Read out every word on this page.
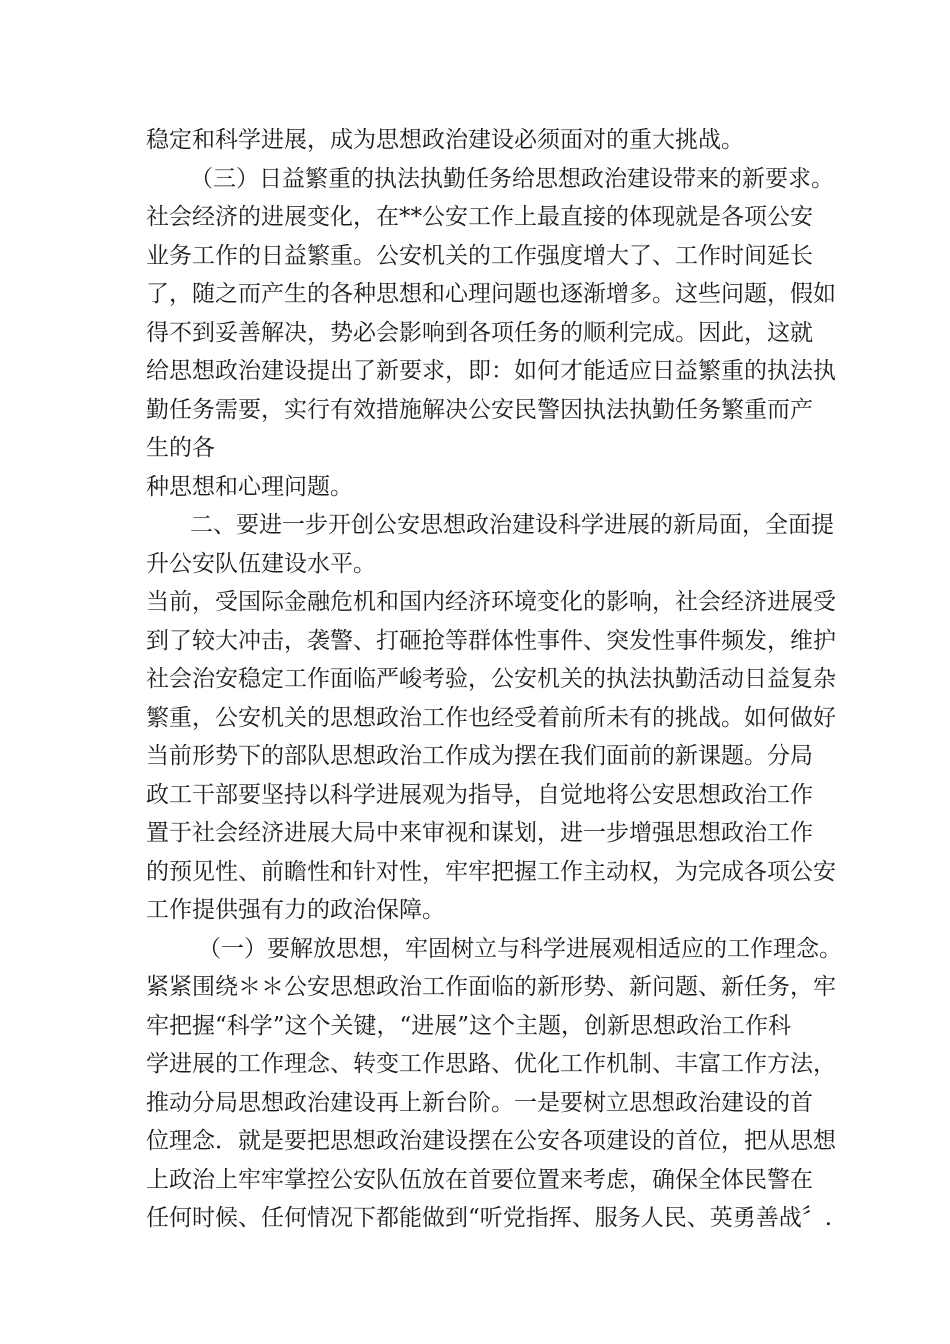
稳定和科学进展，成为思想政治建设必须面对的重大挑战。
（三）日益繁重的执法执勤任务给思想政治建设带来的新要求。
社会经济的进展变化，在**公安工作上最直接的体现就是各项公安
业务工作的日益繁重。公安机关的工作强度增大了、工作时间延长
了，随之而产生的各种思想和心理问题也逐渐增多。这些问题，假如
得不到妥善解决，势必会影响到各项任务的顺利完成。因此，这就
给思想政治建设提出了新要求，即：如何才能适应日益繁重的执法执
勤任务需要，实行有效措施解决公安民警因执法执勤任务繁重而产
生的各
种思想和心理问题。
二、要进一步开创公安思想政治建设科学进展的新局面，全面提
升公安队伍建设水平。
当前，受国际金融危机和国内经济环境变化的影响，社会经济进展受
到了较大冲击，袭警、打砸抢等群体性事件、突发性事件频发，维护
社会治安稳定工作面临严峻考验，公安机关的执法执勤活动日益复杂
繁重，公安机关的思想政治工作也经受着前所未有的挑战。如何做好
当前形势下的部队思想政治工作成为摆在我们面前的新课题。分局
政工干部要坚持以科学进展观为指导，自觉地将公安思想政治工作
置于社会经济进展大局中来审视和谋划，进一步增强思想政治工作
的预见性、前瞻性和针对性，牢牢把握工作主动权，为完成各项公安
工作提供强有力的政治保障。
（一）要解放思想，牢固树立与科学进展观相适应的工作理念。
紧紧围绕＊＊公安思想政治工作面临的新形势、新问题、新任务，牢
牢把握“科学”这个关键，“进展”这个主题，创新思想政治工作科
学进展的工作理念、转变工作思路、优化工作机制、丰富工作方法，
推动分局思想政治建设再上新台阶。一是要树立思想政治建设的首
位理念．就是要把思想政治建设摆在公安各项建设的首位，把从思想
上政治上牢牢掌控公安队伍放在首要位置来考虑，确保全体民警在
任何时候、任何情况下都能做到“听党指挥、服务人民、英勇善战〞.
